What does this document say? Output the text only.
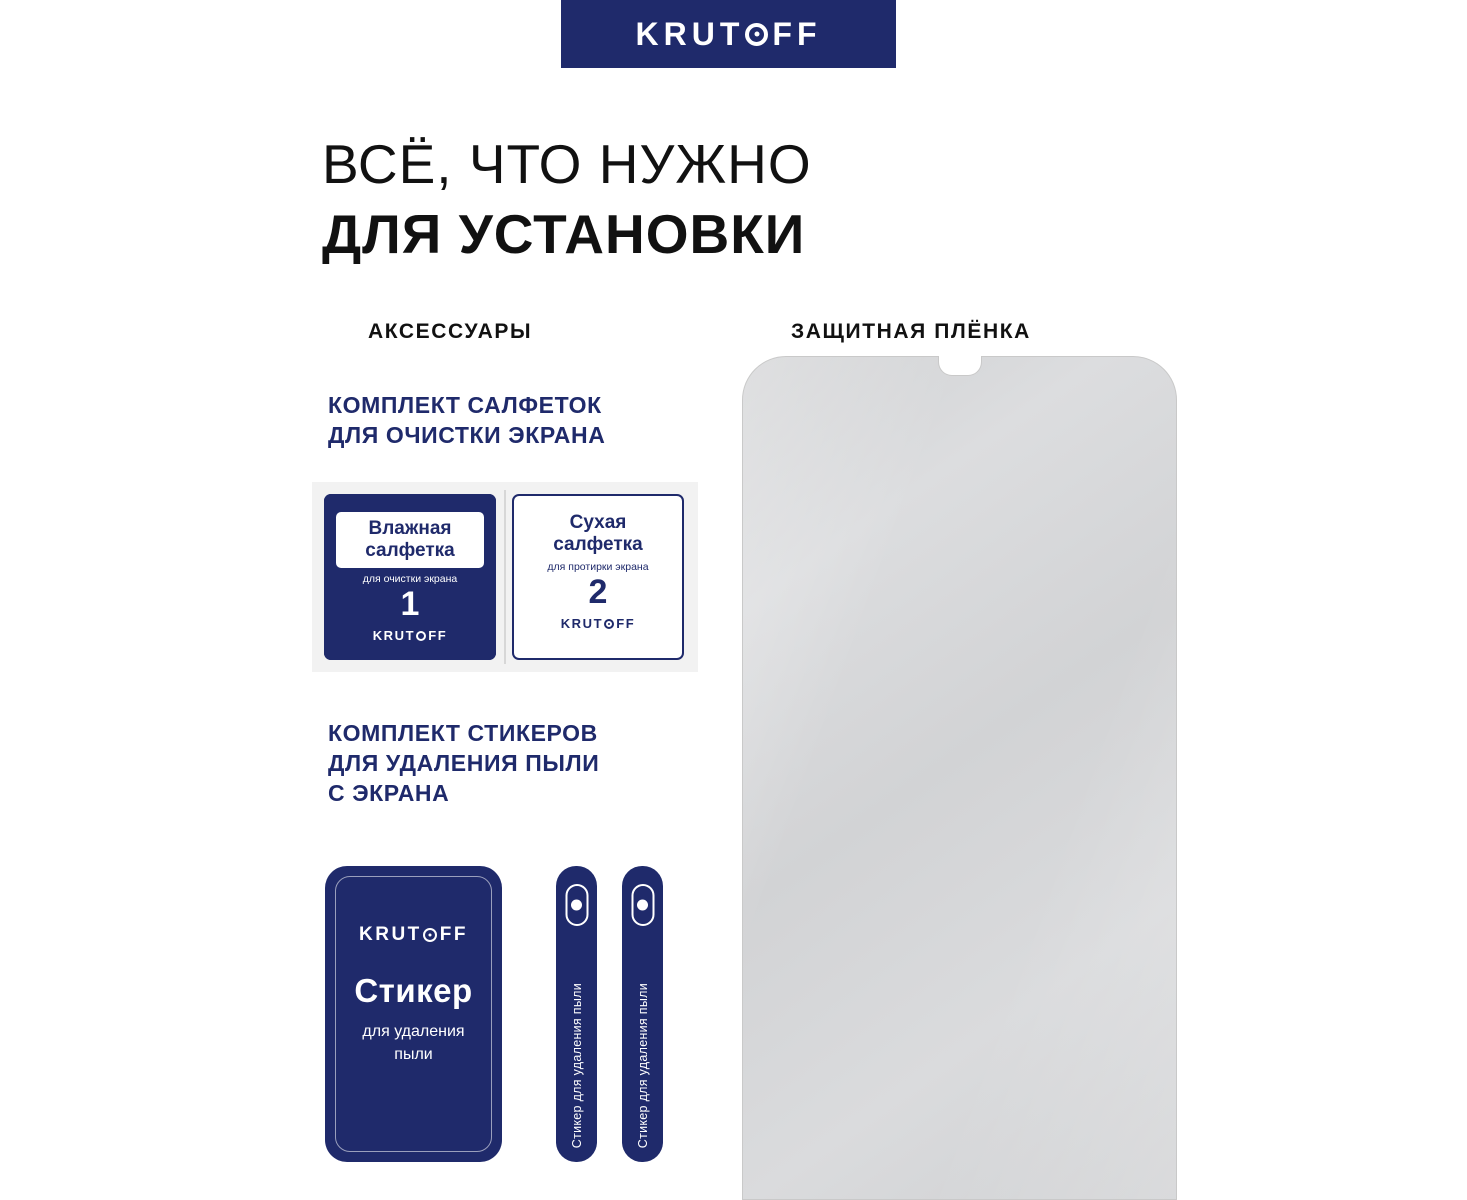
KRUT FF
ВСЁ, ЧТО НУЖНО
ДЛЯ УСТАНОВКИ
АКСЕССУАРЫ	ЗАЩИТНАЯ ПЛЁНКА
КОМПЛЕКТ САЛФЕТОК
ДЛЯ ОЧИСТКИ ЭКРАНА
Влажная
салфетка
для очистки экрана
1
KRUT FF
Сухая
салфетка
для протирки экрана
2
KRUT FF
КОМПЛЕКТ СТИКЕРОВ
ДЛЯ УДАЛЕНИЯ ПЫЛИ
С ЭКРАНА
KRUT FF
Стикер
для удаления
пыли	Стикер для удаления пыли	Стикер для удаления пыли
